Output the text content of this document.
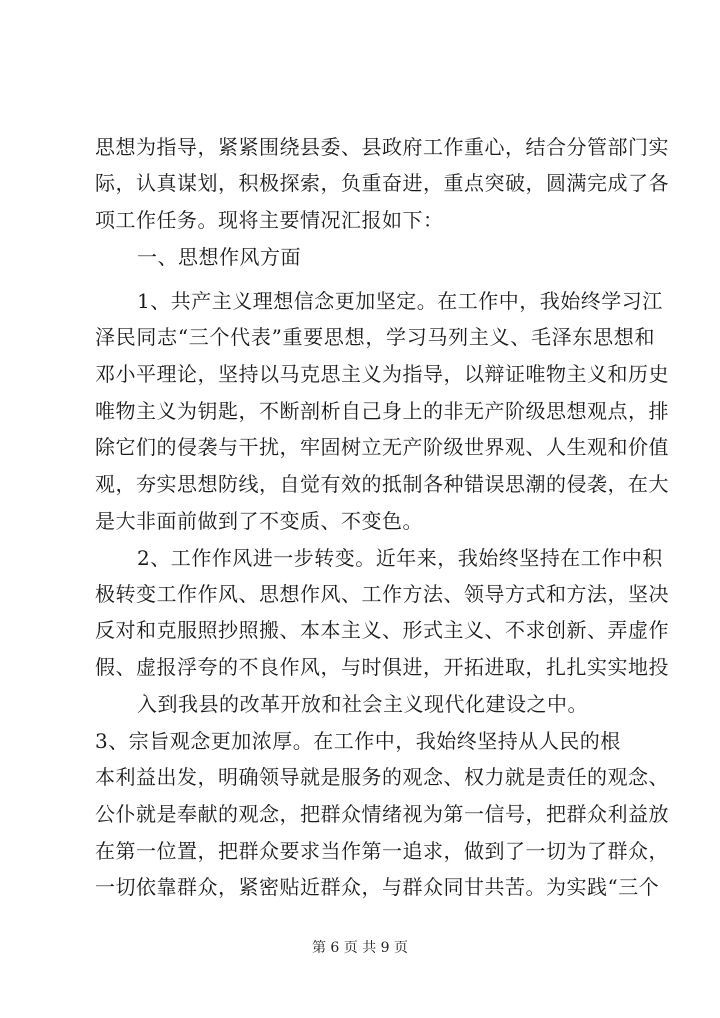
思想为指导，紧紧围绕县委、县政府工作重心，结合分管部门实
际，认真谋划，积极探索，负重奋进，重点突破，圆满完成了各
项工作任务。现将主要情况汇报如下：
一、思想作风方面
1、共产主义理想信念更加坚定。在工作中，我始终学习江
泽民同志“三个代表”重要思想，学习马列主义、毛泽东思想和
邓小平理论，坚持以马克思主义为指导，以辩证唯物主义和历史
唯物主义为钥匙，不断剖析自己身上的非无产阶级思想观点，排
除它们的侵袭与干扰，牢固树立无产阶级世界观、人生观和价值
观，夯实思想防线，自觉有效的抵制各种错误思潮的侵袭，在大
是大非面前做到了不变质、不变色。
2、工作作风进一步转变。近年来，我始终坚持在工作中积
极转变工作作风、思想作风、工作方法、领导方式和方法，坚决
反对和克服照抄照搬、本本主义、形式主义、不求创新、弄虚作
假、虚报浮夸的不良作风，与时俱进，开拓进取，扎扎实实地投
入到我县的改革开放和社会主义现代化建设之中。
3、宗旨观念更加浓厚。在工作中，我始终坚持从人民的根
本利益出发，明确领导就是服务的观念、权力就是责任的观念、
公仆就是奉献的观念，把群众情绪视为第一信号，把群众利益放
在第一位置，把群众要求当作第一追求，做到了一切为了群众，
一切依靠群众，紧密贴近群众，与群众同甘共苦。为实践“三个
第 6 页 共 9 页
